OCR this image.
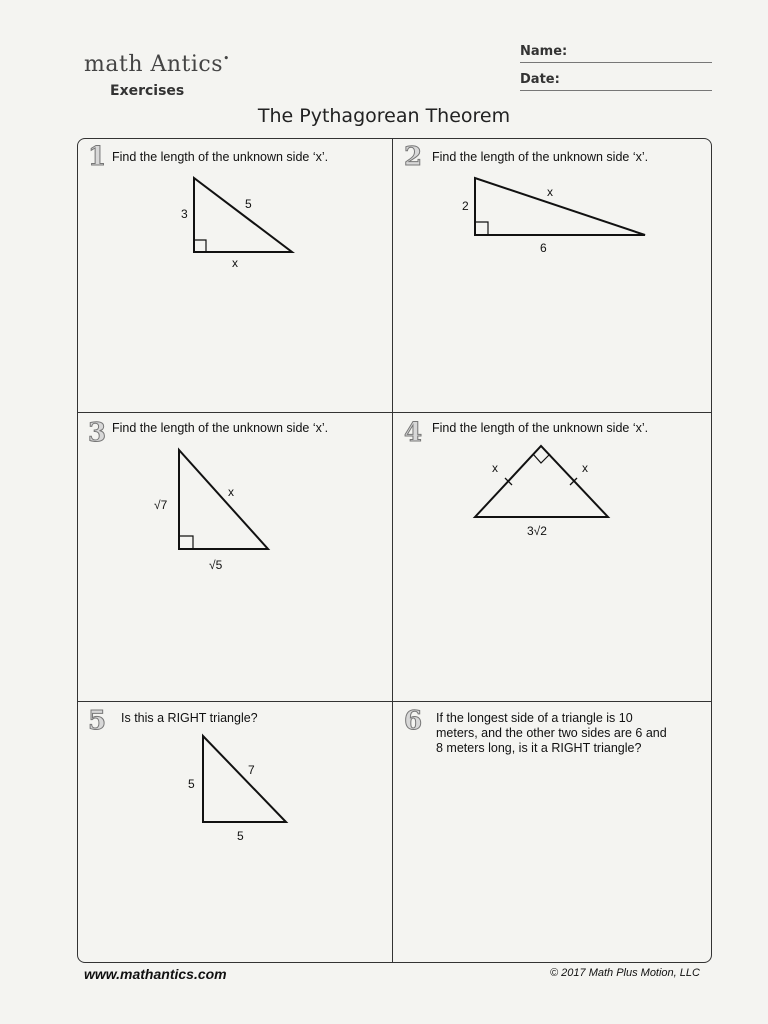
math Antics•
Exercises
Name:
Date:
The Pythagorean Theorem
1 Find the length of the unknown side ‘x’.
3
5
x
2 Find the length of the unknown side ‘x’.
2
x
6
3 Find the length of the unknown side ‘x’.
√7
x
√5
4 Find the length of the unknown side ‘x’.
x	x
3√2
5 Is this a RIGHT triangle?
5
7
5
6 If the longest side of a triangle is 10 meters, and the other two sides are 6 and 8 meters long, is it a RIGHT triangle?
www.mathantics.com	© 2017 Math Plus Motion, LLC
